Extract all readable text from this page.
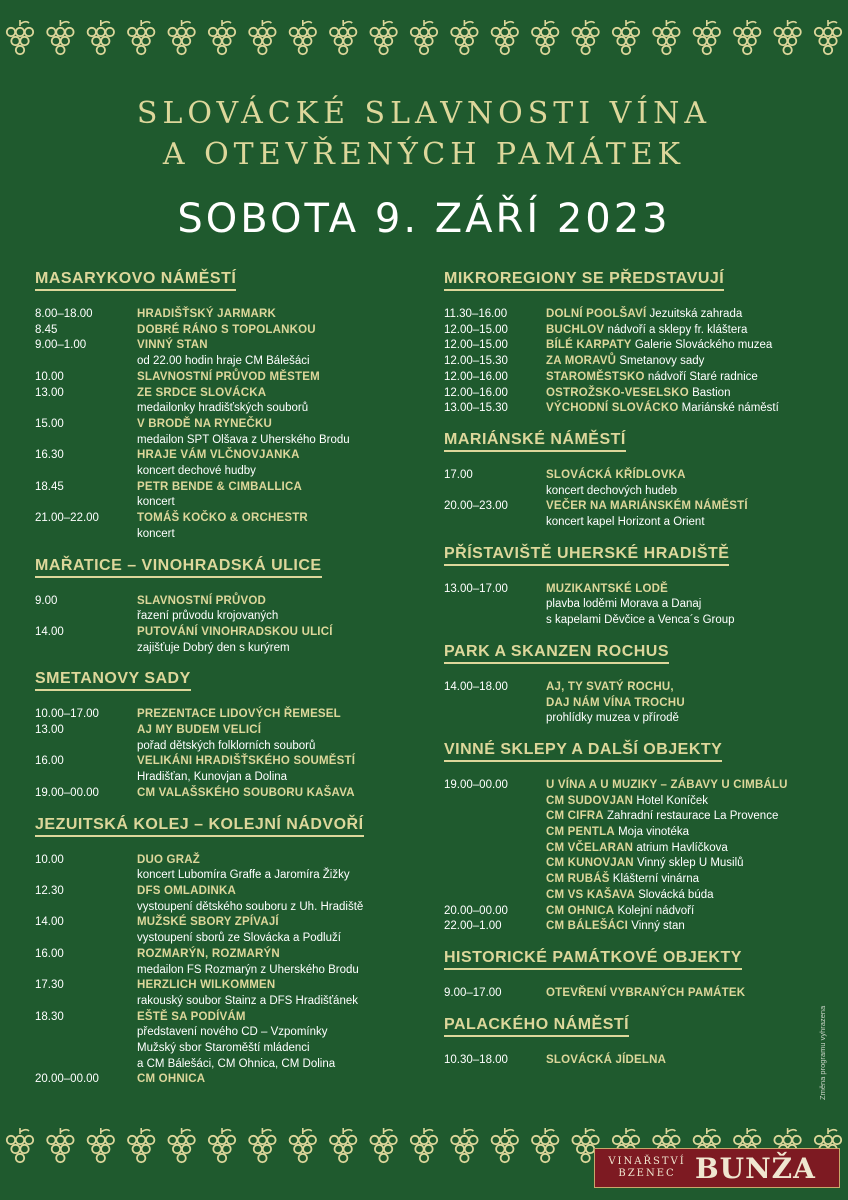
SLOVÁCKÉ SLAVNOSTI VÍNA
A OTEVŘENÝCH PAMÁTEK
SOBOTA 9. ZÁŘÍ 2023
MASARYKOVO NÁMĚSTÍ
8.00–18.00	HRADIŠŤSKÝ JARMARK
8.45	DOBRÉ RÁNO S TOPOLANKOU
9.00–1.00	VINNÝ STAN
od 22.00 hodin hraje CM Bálešáci
10.00	SLAVNOSTNÍ PRŮVOD MĚSTEM
13.00	ZE SRDCE SLOVÁCKA
medailonky hradišťských souborů
15.00	V BRODĚ NA RYNEČKU
medailon SPT Olšava z Uherského Brodu
16.30	HRAJE VÁM VLČNOVJANKA
koncert dechové hudby
18.45	PETR BENDE & CIMBALLICA
koncert
21.00–22.00	TOMÁŠ KOČKO & ORCHESTR
koncert
MAŘATICE – VINOHRADSKÁ ULICE
9.00	SLAVNOSTNÍ PRŮVOD
řazení průvodu krojovaných
14.00	PUTOVÁNÍ VINOHRADSKOU ULICÍ
zajišťuje Dobrý den s kurýrem
SMETANOVY SADY
10.00–17.00	PREZENTACE LIDOVÝCH ŘEMESEL
13.00	AJ MY BUDEM VELICÍ
pořad dětských folklorních souborů
16.00	VELIKÁNI HRADIŠŤSKÉHO SOUMĚSTÍ
Hradišťan, Kunovjan a Dolina
19.00–00.00	CM VALAŠSKÉHO SOUBORU KAŠAVA
JEZUITSKÁ KOLEJ – KOLEJNÍ NÁDVOŘÍ
10.00	DUO GRAŽ
koncert Lubomíra Graffe a Jaromíra Žižky
12.30	DFS OMLADINKA
vystoupení dětského souboru z Uh. Hradiště
14.00	MUŽSKÉ SBORY ZPÍVAJÍ
vystoupení sborů ze Slovácka a Podluží
16.00	ROZMARÝN, ROZMARÝN
medailon FS Rozmarýn z Uherského Brodu
17.30	HERZLICH WILKOMMEN
rakouský soubor Stainz a DFS Hradišťánek
18.30	EŠTĚ SA PODÍVÁM
představení nového CD – Vzpomínky
Mužský sbor Staroměští mládenci
a CM Bálešáci, CM Ohnica, CM Dolina
20.00–00.00	CM OHNICA
MIKROREGIONY SE PŘEDSTAVUJÍ
11.30–16.00	DOLNÍ POOLŠAVÍ Jezuitská zahrada
12.00–15.00	BUCHLOV nádvoří a sklepy fr. kláštera
12.00–15.00	BÍLÉ KARPATY Galerie Slováckého muzea
12.00–15.30	ZA MORAVŮ Smetanovy sady
12.00–16.00	STAROMĚSTSKO nádvoří Staré radnice
12.00–16.00	OSTROŽSKO-VESELSKO Bastion
13.00–15.30	VÝCHODNÍ SLOVÁCKO Mariánské náměstí
MARIÁNSKÉ NÁMĚSTÍ
17.00	SLOVÁCKÁ KŘÍDLOVKA
koncert dechových hudeb
20.00–23.00	VEČER NA MARIÁNSKÉM NÁMĚSTÍ
koncert kapel Horizont a Orient
PŘÍSTAVIŠTĚ UHERSKÉ HRADIŠTĚ
13.00–17.00	MUZIKANTSKÉ LODĚ
plavba loděmi Morava a Danaj
s kapelami Děvčice a Venca´s Group
PARK A SKANZEN ROCHUS
14.00–18.00	AJ, TY SVATÝ ROCHU,
DAJ NÁM VÍNA TROCHU
prohlídky muzea v přírodě
VINNÉ SKLEPY A DALŠÍ OBJEKTY
19.00–00.00	U VÍNA A U MUZIKY – ZÁBAVY U CIMBÁLU
CM SUDOVJAN Hotel Koníček
CM CIFRA Zahradní restaurace La Provence
CM PENTLA Moja vinotéka
CM VČELARAN atrium Havlíčkova
CM KUNOVJAN Vinný sklep U Musilů
CM RUBÁŠ Klášterní vinárna
CM VS KAŠAVA Slovácká búda
20.00–00.00	CM OHNICA Kolejní nádvoří
22.00–1.00	CM BÁLEŠÁCI Vinný stan
HISTORICKÉ PAMÁTKOVÉ OBJEKTY
9.00–17.00	OTEVŘENÍ VYBRANÝCH PAMÁTEK
PALACKÉHO NÁMĚSTÍ
10.30–18.00	SLOVÁCKÁ JÍDELNA	Změna programu vyhrazena
VINAŘSTVÍ
BZENEC BUNŽA
